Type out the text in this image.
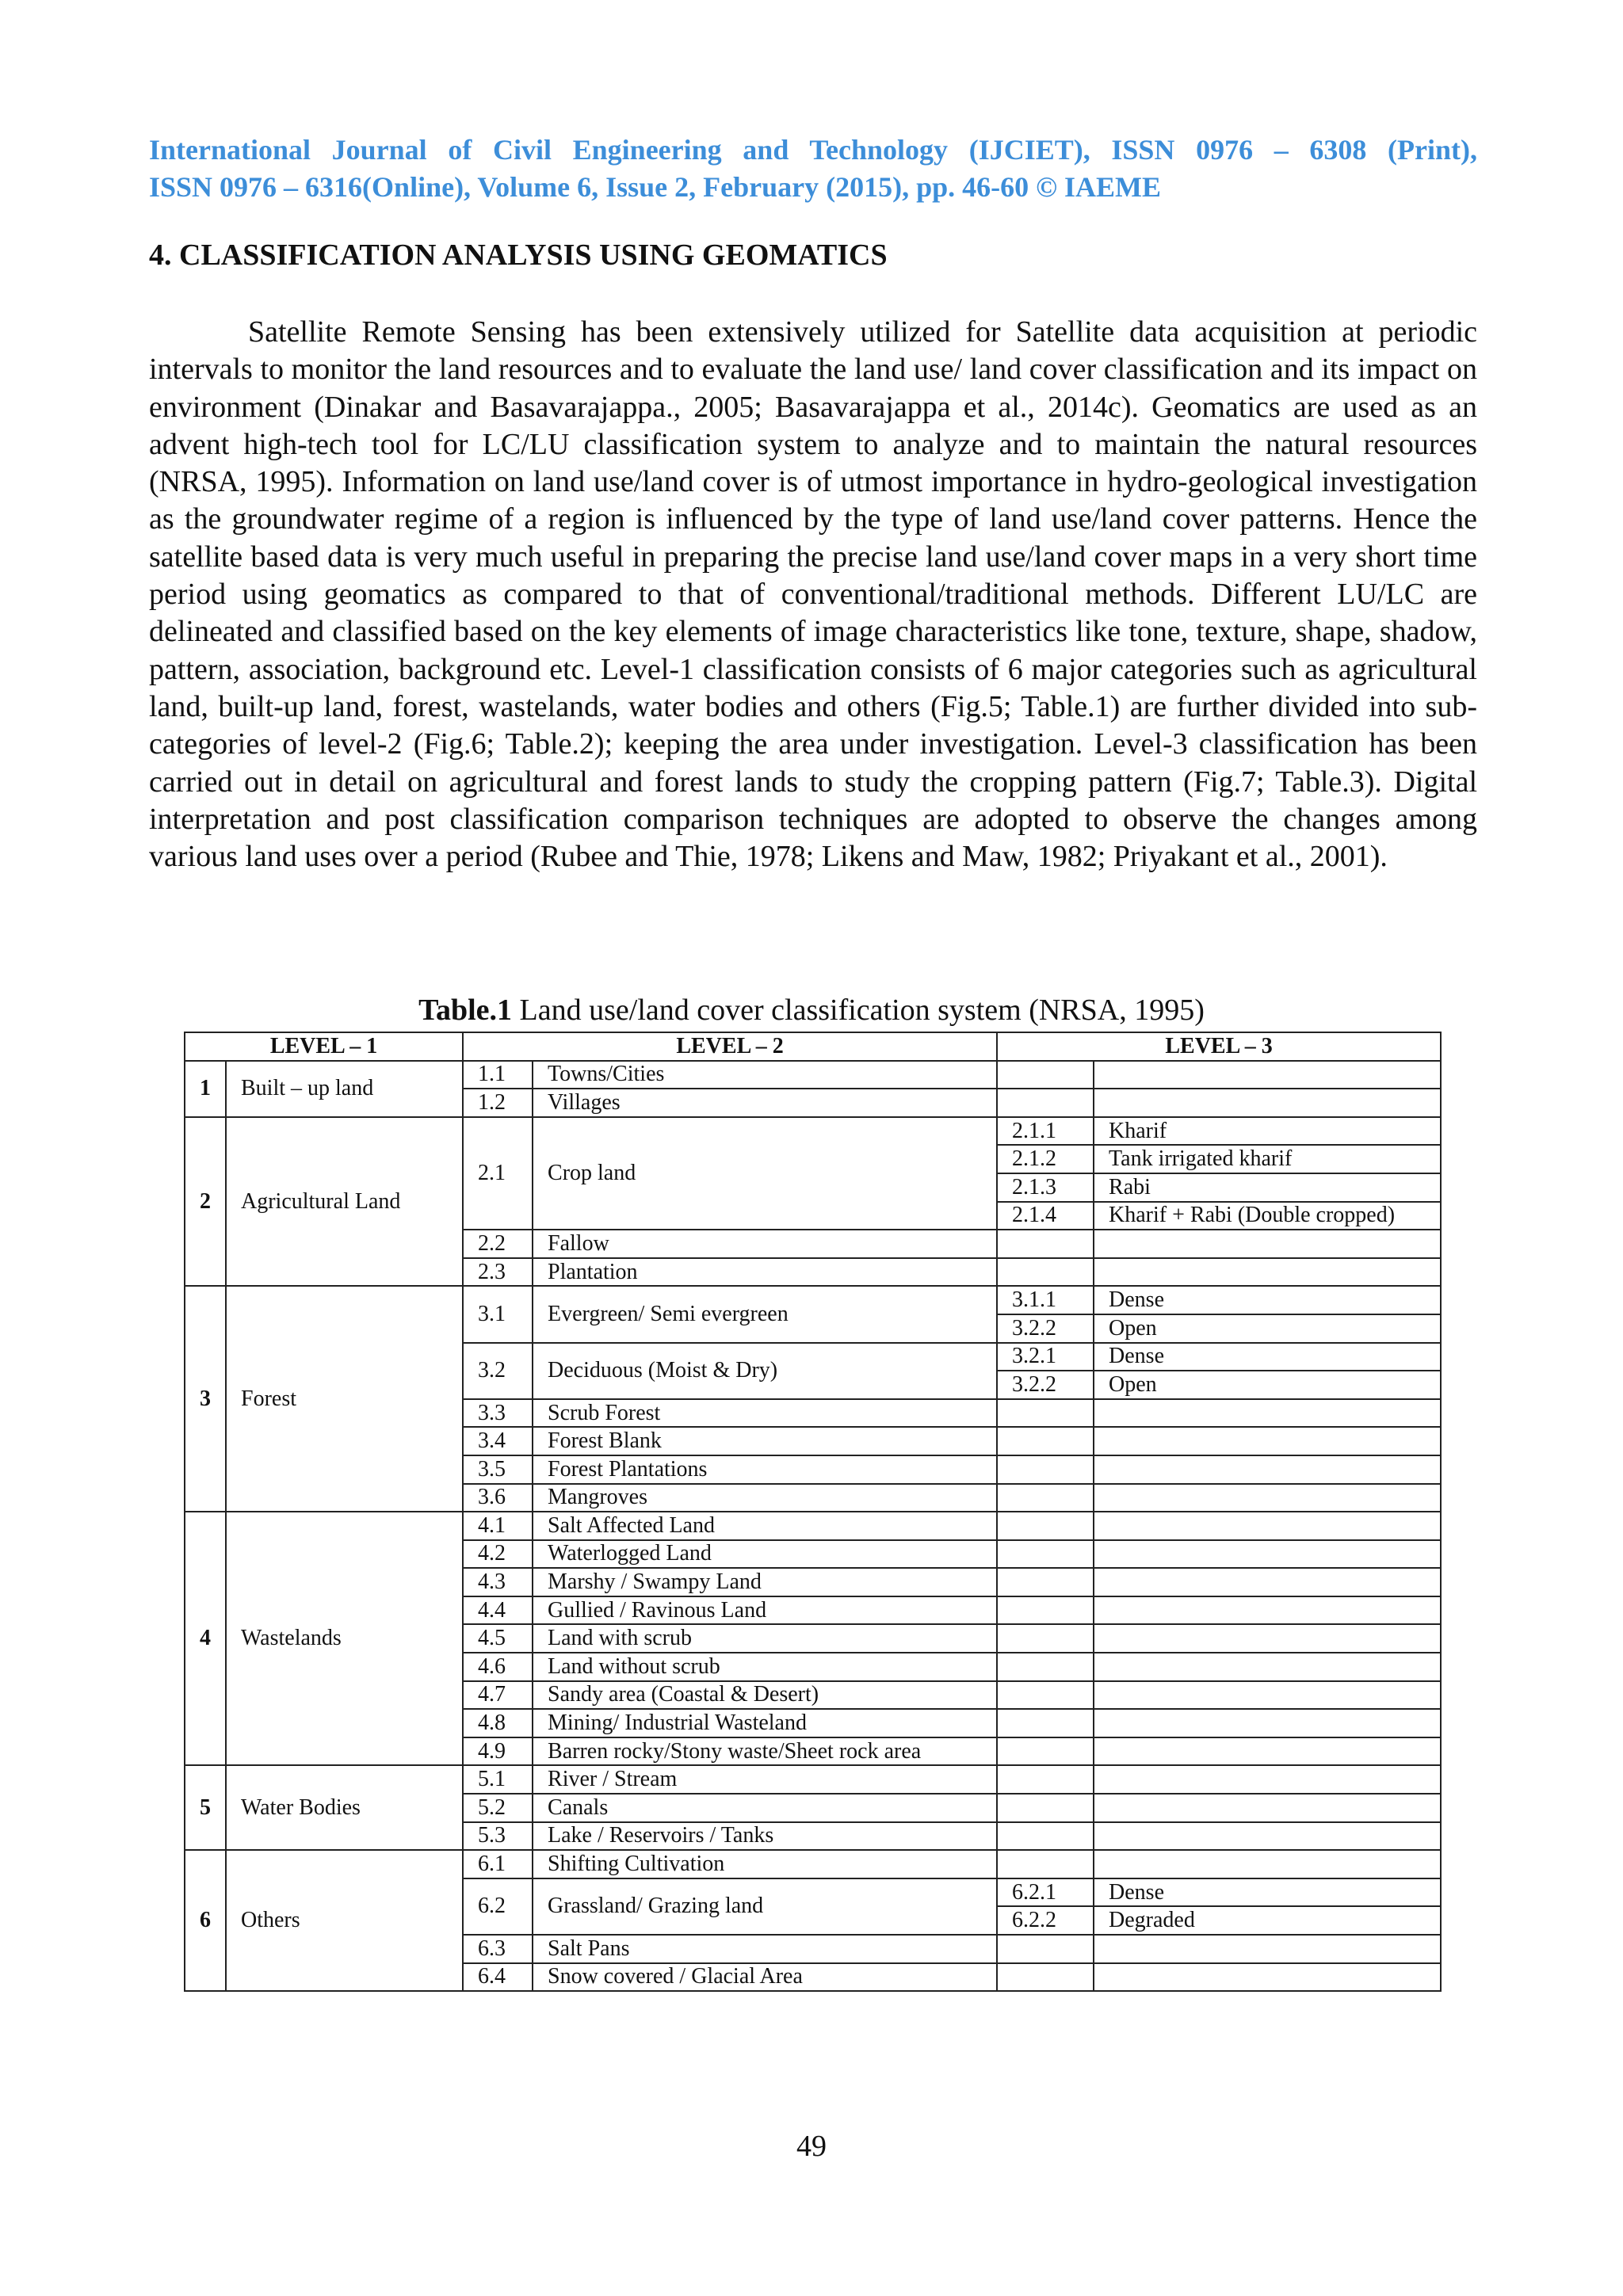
International Journal of Civil Engineering and Technology (IJCIET), ISSN 0976 – 6308 (Print),
ISSN 0976 – 6316(Online), Volume 6, Issue 2, February (2015), pp. 46-60 © IAEME
4. CLASSIFICATION ANALYSIS USING GEOMATICS
Satellite Remote Sensing has been extensively utilized for Satellite data acquisition at periodic intervals to monitor the land resources and to evaluate the land use/ land cover classification and its impact on environment (Dinakar and Basavarajappa., 2005; Basavarajappa et al., 2014c). Geomatics are used as an advent high-tech tool for LC/LU classification system to analyze and to maintain the natural resources (NRSA, 1995). Information on land use/land cover is of utmost importance in hydro-geological investigation as the groundwater regime of a region is influenced by the type of land use/land cover patterns. Hence the satellite based data is very much useful in preparing the precise land use/land cover maps in a very short time period using geomatics as compared to that of conventional/traditional methods. Different LU/LC are delineated and classified based on the key elements of image characteristics like tone, texture, shape, shadow, pattern, association, background etc. Level-1 classification consists of 6 major categories such as agricultural land, built-up land, forest, wastelands, water bodies and others (Fig.5; Table.1) are further divided into sub-categories of level-2 (Fig.6; Table.2); keeping the area under investigation. Level-3 classification has been carried out in detail on agricultural and forest lands to study the cropping pattern (Fig.7; Table.3). Digital interpretation and post classification comparison techniques are adopted to observe the changes among various land uses over a period (Rubee and Thie, 1978; Likens and Maw, 1982; Priyakant et al., 2001).
Table.1 Land use/land cover classification system (NRSA, 1995)
LEVEL – 1		LEVEL – 2		LEVEL – 3	
1	Built – up land	1.1	Towns/Cities		
		1.2	Villages		
2	Agricultural Land	2.1	Crop land	2.1.1	Kharif
				2.1.2	Tank irrigated kharif
				2.1.3	Rabi
				2.1.4	Kharif + Rabi (Double cropped)
		2.2	Fallow		
		2.3	Plantation		
3	Forest	3.1	Evergreen/ Semi evergreen	3.1.1	Dense
				3.2.2	Open
		3.2	Deciduous (Moist & Dry)	3.2.1	Dense
				3.2.2	Open
		3.3	Scrub Forest		
		3.4	Forest Blank		
		3.5	Forest Plantations		
		3.6	Mangroves		
4	Wastelands	4.1	Salt Affected Land		
		4.2	Waterlogged Land		
		4.3	Marshy / Swampy Land		
		4.4	Gullied / Ravinous Land		
		4.5	Land with scrub		
		4.6	Land without scrub		
		4.7	Sandy area (Coastal & Desert)		
		4.8	Mining/ Industrial Wasteland		
		4.9	Barren rocky/Stony waste/Sheet rock area		
5	Water Bodies	5.1	River / Stream		
		5.2	Canals		
		5.3	Lake / Reservoirs / Tanks		
6	Others	6.1	Shifting Cultivation		
		6.2	Grassland/ Grazing land	6.2.1	Dense
				6.2.2	Degraded
		6.3	Salt Pans		
		6.4	Snow covered / Glacial Area		
49
